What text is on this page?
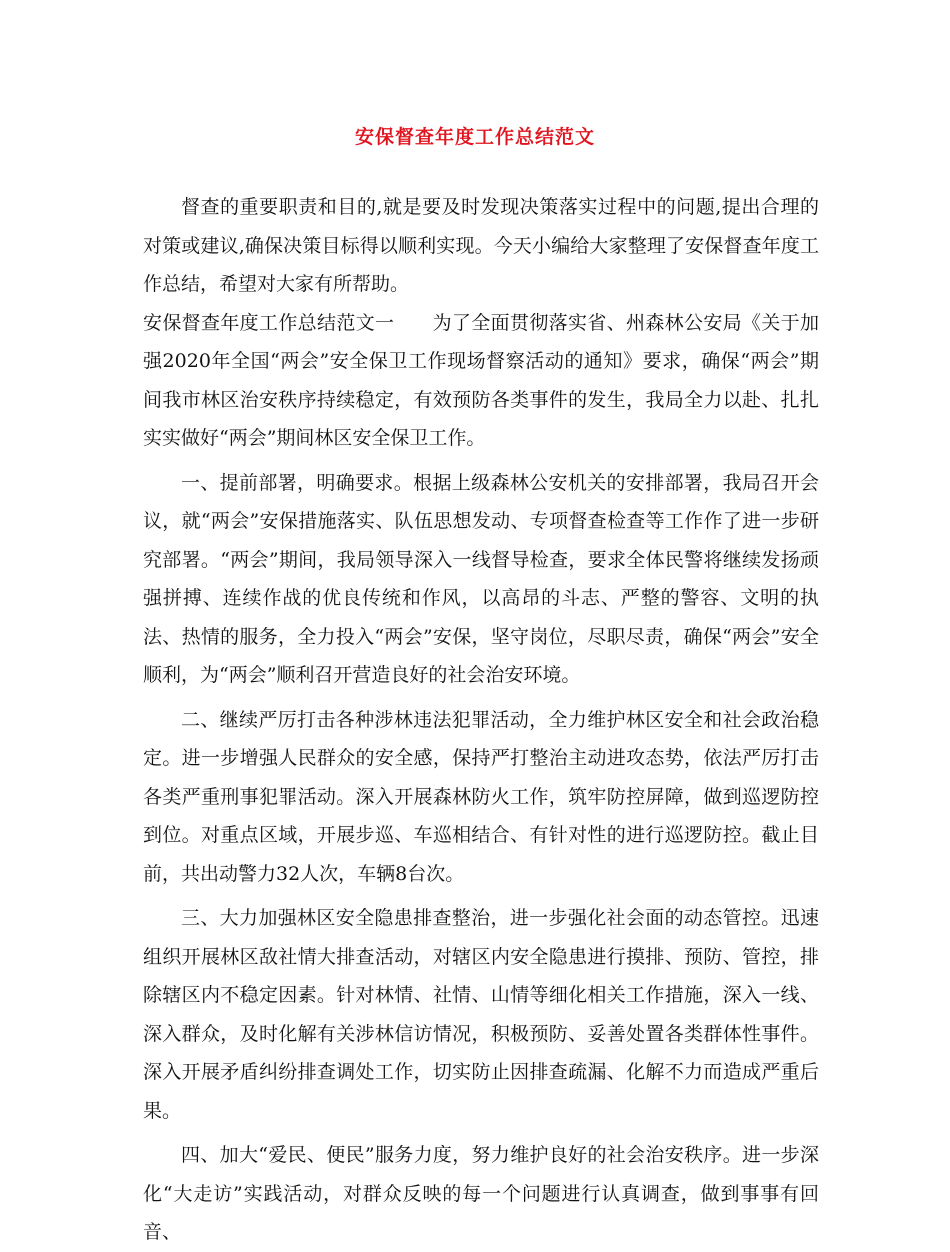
安保督查年度工作总结范文

督查的重要职责和目的,就是要及时发现决策落实过程中的问题,提出合理的对策或建议,确保决策目标得以顺利实现。今天小编给大家整理了安保督查年度工作总结，希望对大家有所帮助。

安保督查年度工作总结范文一 为了全面贯彻落实省、州森林公安局《关于加强2020年全国“两会”安全保卫工作现场督察活动的通知》要求，确保“两会”期间我市林区治安秩序持续稳定，有效预防各类事件的发生，我局全力以赴、扎扎实实做好“两会”期间林区安全保卫工作。

一、提前部署，明确要求。根据上级森林公安机关的安排部署，我局召开会议，就“两会”安保措施落实、队伍思想发动、专项督查检查等工作作了进一步研究部署。“两会”期间，我局领导深入一线督导检查，要求全体民警将继续发扬顽强拼搏、连续作战的优良传统和作风，以高昂的斗志、严整的警容、文明的执法、热情的服务，全力投入“两会”安保，坚守岗位，尽职尽责，确保“两会”安全顺利，为“两会”顺利召开营造良好的社会治安环境。

二、继续严厉打击各种涉林违法犯罪活动，全力维护林区安全和社会政治稳定。进一步增强人民群众的安全感，保持严打整治主动进攻态势，依法严厉打击各类严重刑事犯罪活动。深入开展森林防火工作，筑牢防控屏障，做到巡逻防控到位。对重点区域，开展步巡、车巡相结合、有针对性的进行巡逻防控。截止目前，共出动警力32人次，车辆8台次。

三、大力加强林区安全隐患排查整治，进一步强化社会面的动态管控。迅速组织开展林区敌社情大排查活动，对辖区内安全隐患进行摸排、预防、管控，排除辖区内不稳定因素。针对林情、社情、山情等细化相关工作措施，深入一线、深入群众，及时化解有关涉林信访情况，积极预防、妥善处置各类群体性事件。深入开展矛盾纠纷排查调处工作，切实防止因排查疏漏、化解不力而造成严重后果。

四、加大“爱民、便民”服务力度，努力维护良好的社会治安秩序。进一步深化“大走访”实践活动，对群众反映的每一个问题进行认真调查，做到事事有回音、
